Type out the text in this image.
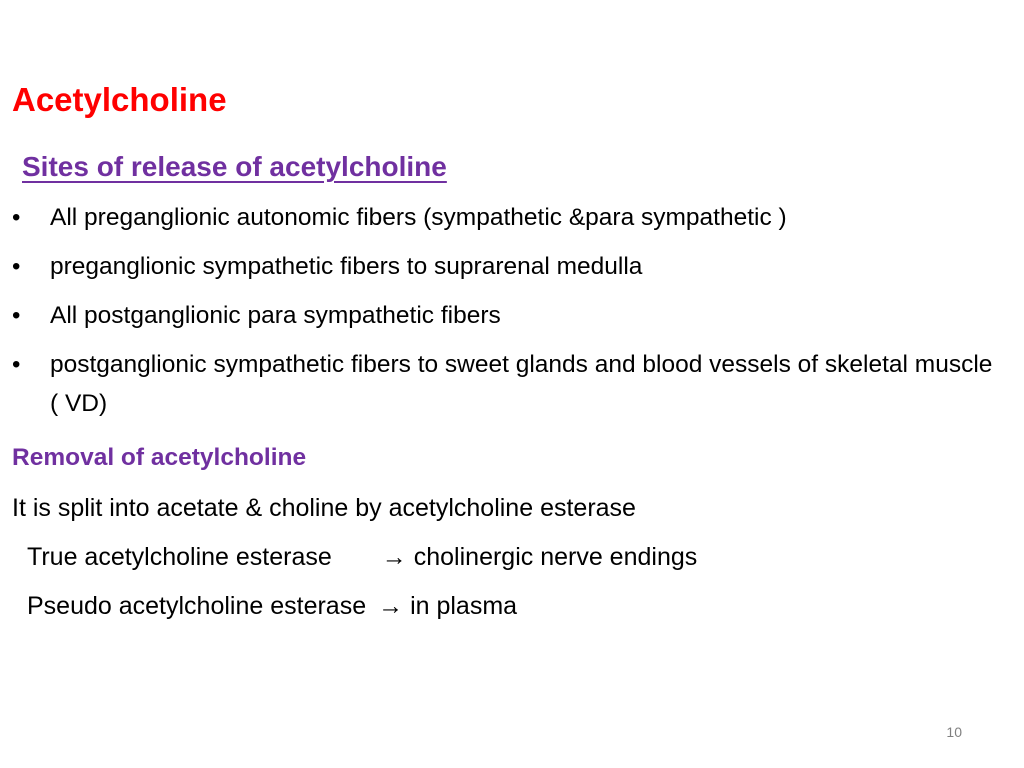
Acetylcholine
Sites of release of acetylcholine
•	All preganglionic autonomic fibers (sympathetic &para sympathetic )
•	preganglionic sympathetic fibers to suprarenal medulla
•	All postganglionic para sympathetic fibers
•	postganglionic sympathetic fibers to sweet glands and blood vessels of skeletal muscle ( VD)
Removal of acetylcholine
It is split into acetate & choline by acetylcholine esterase
True acetylcholine esterase → cholinergic nerve endings
Pseudo acetylcholine esterase → in plasma
10
